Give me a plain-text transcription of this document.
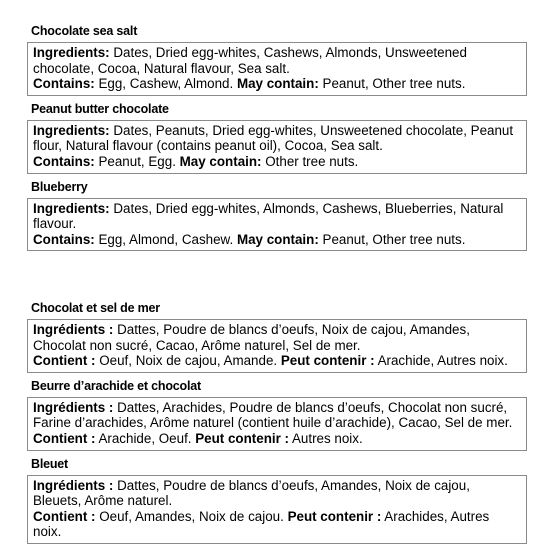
Chocolate sea salt
Ingredients: Dates, Dried egg-whites, Cashews, Almonds, Unsweetened chocolate, Cocoa, Natural flavour, Sea salt.
Contains: Egg, Cashew, Almond. May contain: Peanut, Other tree nuts.
Peanut butter chocolate
Ingredients: Dates, Peanuts, Dried egg-whites, Unsweetened chocolate, Peanut flour, Natural flavour (contains peanut oil), Cocoa, Sea salt.
Contains: Peanut, Egg. May contain: Other tree nuts.
Blueberry
Ingredients: Dates, Dried egg-whites, Almonds, Cashews, Blueberries, Natural flavour.
Contains: Egg, Almond, Cashew. May contain: Peanut, Other tree nuts.
Chocolat et sel de mer
Ingrédients : Dattes, Poudre de blancs d’oeufs, Noix de cajou, Amandes, Chocolat non sucré, Cacao, Arôme naturel, Sel de mer.
Contient : Oeuf, Noix de cajou, Amande. Peut contenir : Arachide, Autres noix.
Beurre d’arachide et chocolat
Ingrédients : Dattes, Arachides, Poudre de blancs d’oeufs, Chocolat non sucré, Farine d’arachides, Arôme naturel (contient huile d’arachide), Cacao, Sel de mer.
Contient : Arachide, Oeuf. Peut contenir : Autres noix.
Bleuet
Ingrédients : Dattes, Poudre de blancs d’oeufs, Amandes, Noix de cajou, Bleuets, Arôme naturel.
Contient : Oeuf, Amandes, Noix de cajou. Peut contenir : Arachides, Autres noix.
